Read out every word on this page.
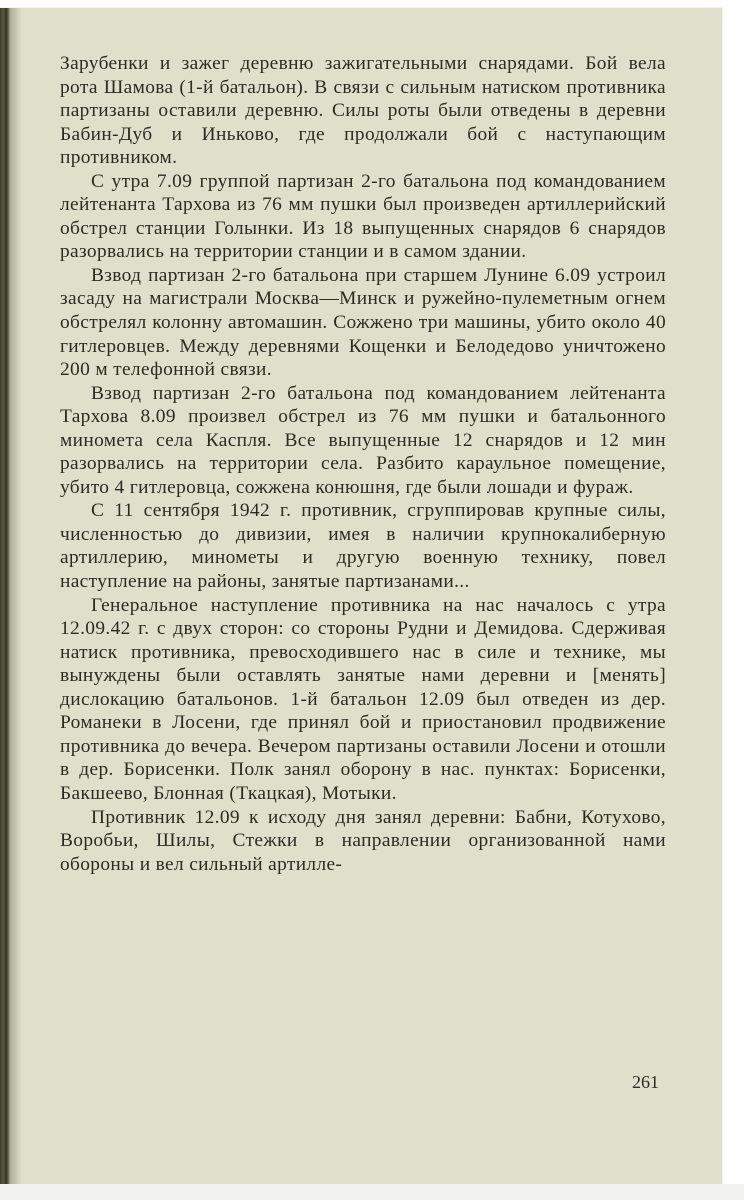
Зарубенки и зажег деревню зажигательными снарядами. Бой вела рота Шамова (1-й батальон). В связи с сильным натиском противника партизаны оставили деревню. Силы роты были отведены в деревни Бабин-Дуб и Иньково, где продолжали бой с наступающим противником.

С утра 7.09 группой партизан 2-го батальона под командованием лейтенанта Тархова из 76 мм пушки был произведен артиллерийский обстрел станции Голынки. Из 18 выпущенных снарядов 6 снарядов разорвались на территории станции и в самом здании.

Взвод партизан 2-го батальона при старшем Лунине 6.09 устроил засаду на магистрали Москва—Минск и ружейно-пулеметным огнем обстрелял колонну автомашин. Сожжено три машины, убито около 40 гитлеровцев. Между деревнями Кощенки и Белодедово уничтожено 200 м телефонной связи.

Взвод партизан 2-го батальона под командованием лейтенанта Тархова 8.09 произвел обстрел из 76 мм пушки и батальонного миномета села Каспля. Все выпущенные 12 снарядов и 12 мин разорвались на территории села. Разбито караульное помещение, убито 4 гитлеровца, сожжена конюшня, где были лошади и фураж.

С 11 сентября 1942 г. противник, сгруппировав крупные силы, численностью до дивизии, имея в наличии крупнокалиберную артиллерию, минометы и другую военную технику, повел наступление на районы, занятые партизанами...

Генеральное наступление противника на нас началось с утра 12.09.42 г. с двух сторон: со стороны Рудни и Демидова. Сдерживая натиск противника, превосходившего нас в силе и технике, мы вынуждены были оставлять занятые нами деревни и [менять] дислокацию батальонов. 1-й батальон 12.09 был отведен из дер. Романеки в Лосени, где принял бой и приостановил продвижение противника до вечера. Вечером партизаны оставили Лосени и отошли в дер. Борисенки. Полк занял оборону в нас. пунктах: Борисенки, Бакшеево, Блонная (Ткацкая), Мотыки.

Противник 12.09 к исходу дня занял деревни: Бабни, Котухово, Воробьи, Шилы, Стежки в направлении организованной нами обороны и вел сильный артилле-

261
